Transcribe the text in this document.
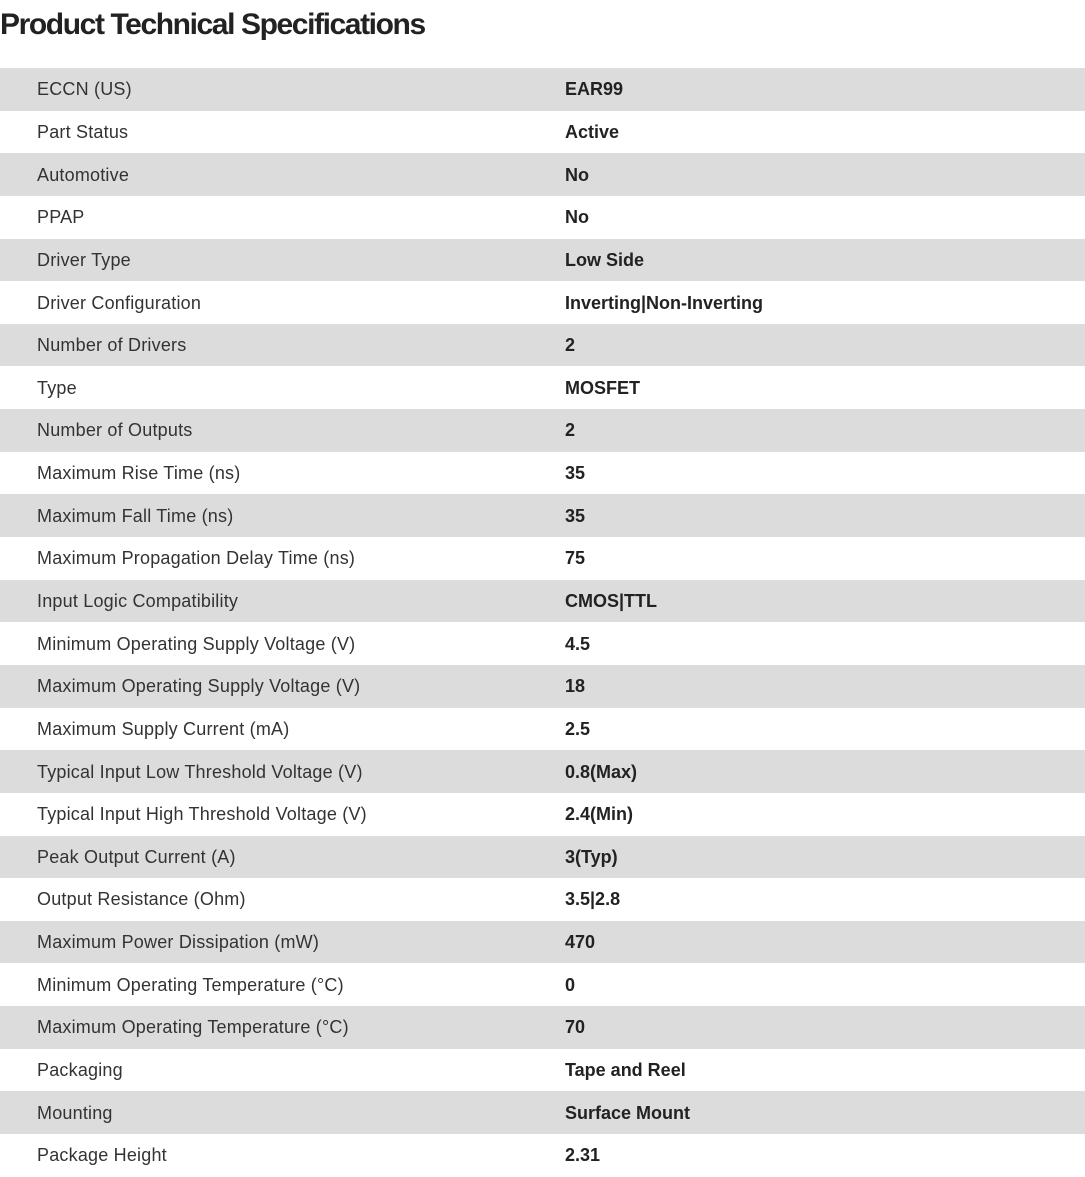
Product Technical Specifications
ECCN (US)	EAR99
Part Status	Active
Automotive	No
PPAP	No
Driver Type	Low Side
Driver Configuration	Inverting|Non-Inverting
Number of Drivers	2
Type	MOSFET
Number of Outputs	2
Maximum Rise Time (ns)	35
Maximum Fall Time (ns)	35
Maximum Propagation Delay Time (ns)	75
Input Logic Compatibility	CMOS|TTL
Minimum Operating Supply Voltage (V)	4.5
Maximum Operating Supply Voltage (V)	18
Maximum Supply Current (mA)	2.5
Typical Input Low Threshold Voltage (V)	0.8(Max)
Typical Input High Threshold Voltage (V)	2.4(Min)
Peak Output Current (A)	3(Typ)
Output Resistance (Ohm)	3.5|2.8
Maximum Power Dissipation (mW)	470
Minimum Operating Temperature (°C)	0
Maximum Operating Temperature (°C)	70
Packaging	Tape and Reel
Mounting	Surface Mount
Package Height	2.31
